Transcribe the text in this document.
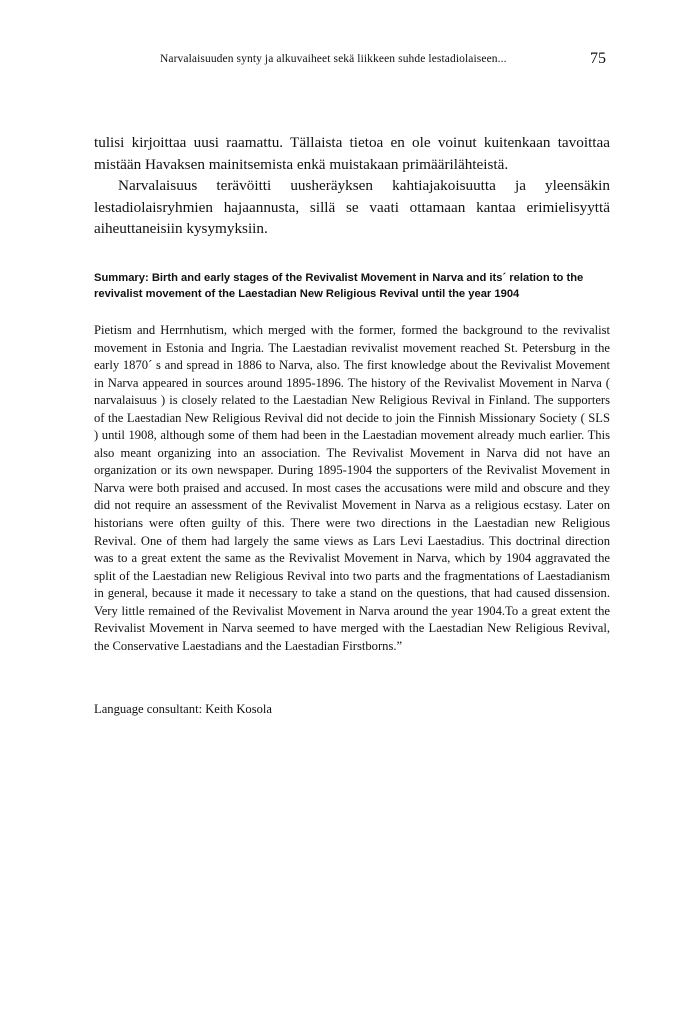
Narvalaisuuden synty ja alkuvaiheet sekä liikkeen suhde lestadiolaiseen...	75

tulisi kirjoittaa uusi raamattu. Tällaista tietoa en ole voinut kuitenkaan tavoittaa mistään Havaksen mainitsemista enkä muistakaan primäärilähteistä.

Narvalaisuus terävöitti uusheräyksen kahtiajakoisuutta ja yleensäkin lestadiolaisryhmien hajaannusta, sillä se vaati ottamaan kantaa erimielisyyttä aiheuttaneisiin kysymyksiin.

Summary: Birth and early stages of the Revivalist Movement in Narva and its´ relation to the revivalist movement of the Laestadian New Religious Revival until the year 1904

Pietism and Herrnhutism, which merged with the former, formed the background to the revivalist movement in Estonia and Ingria. The Laestadian revivalist movement reached St. Petersburg in the early 1870´ s and spread in 1886 to Narva, also. The first knowledge about the Revivalist Movement in Narva appeared in sources around 1895-1896. The history of the Revivalist Movement in Narva ( narvalaisuus ) is closely related to the Laestadian New Religious Revival in Finland. The supporters of the Laestadian New Religious Revival did not decide to join the Finnish Missionary Society ( SLS ) until 1908, although some of them had been in the Laestadian movement already much earlier. This also meant organizing into an association. The Revivalist Movement in Narva did not have an organization or its own newspaper. During 1895-1904 the supporters of the Revivalist Movement in Narva were both praised and accused. In most cases the accusations were mild and obscure and they did not require an assessment of the Revivalist Movement in Narva as a religious ecstasy. Later on historians were often guilty of this. There were two directions in the Laestadian new Religious Revival. One of them had largely the same views as Lars Levi Laestadius. This doctrinal direction was to a great extent the same as the Revivalist Movement in Narva, which by 1904 aggravated the split of the Laestadian new Religious Revival into two parts and the fragmentations of Laestadianism in general, because it made it necessary to take a stand on the questions, that had caused dissension. Very little remained of the Revivalist Movement in Narva around the year 1904.To a great extent the Revivalist Movement in Narva seemed to have merged with the Laestadian New Religious Revival, the Conservative Laestadians and the Laestadian Firstborns.”

Language consultant: Keith Kosola
